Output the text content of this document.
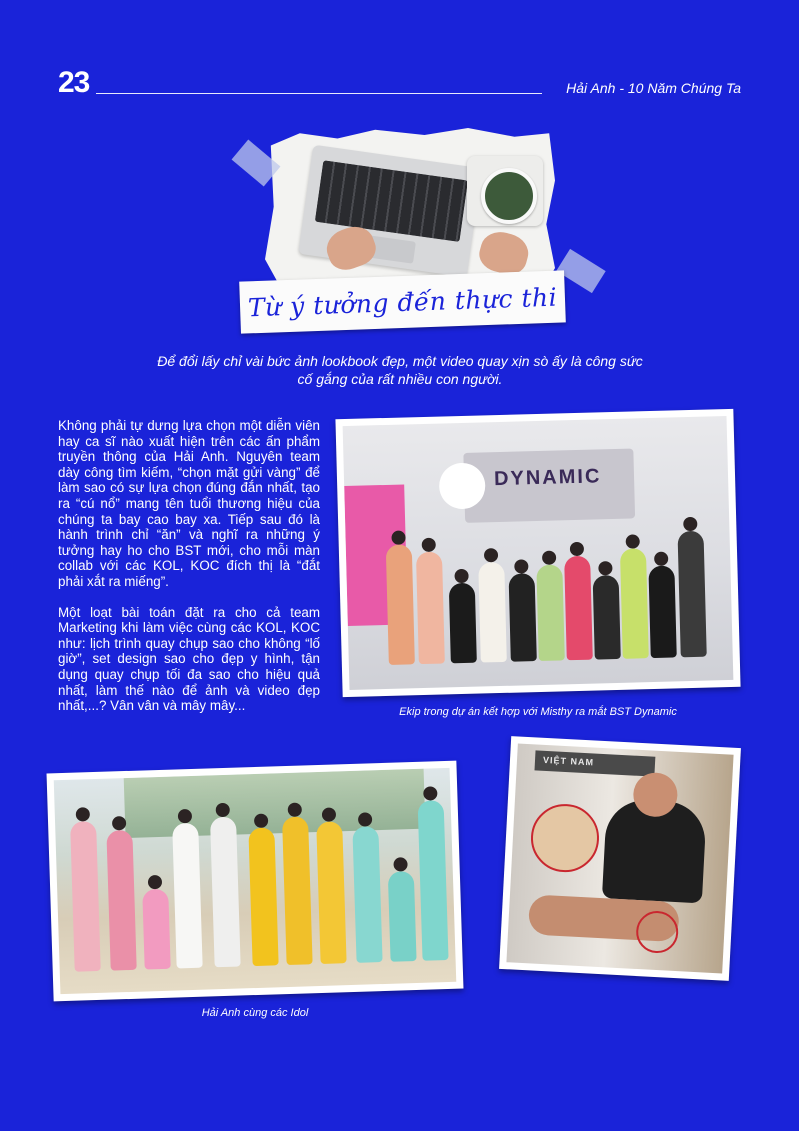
23	Hải Anh - 10 Năm Chúng Ta
Từ ý tưởng đến thực thi
Để đổi lấy chỉ vài bức ảnh lookbook đẹp, một video quay xịn sò ấy là công sức cố gắng của rất nhiều con người.

Không phải tự dưng lựa chọn một diễn viên hay ca sĩ nào xuất hiện trên các ấn phẩm truyền thông của Hải Anh. Nguyên team dày công tìm kiếm, “chọn mặt gửi vàng” để làm sao có sự lựa chọn đúng đắn nhất, tạo ra “cú nổ” mang tên tuổi thương hiệu của chúng ta bay cao bay xa. Tiếp sau đó là hành trình chỉ “ăn” và nghĩ ra những ý tưởng hay ho cho BST mới, cho mỗi màn collab với các KOL, KOC đích thị là “đắt phải xắt ra miếng”.

Một loạt bài toán đặt ra cho cả team Marketing khi làm việc cùng các KOL, KOC như: lịch trình quay chụp sao cho không “lố giờ”, set design sao cho đẹp y hình, tận dụng quay chụp tối đa sao cho hiệu quả nhất, làm thế nào để ảnh và video đẹp nhất,...? Vân vân và mây mây...

DYNAMIC
Ekip trong dự án kết hợp với Misthy ra mắt BST Dynamic
Hải Anh cùng các Idol
VIỆT NAM
